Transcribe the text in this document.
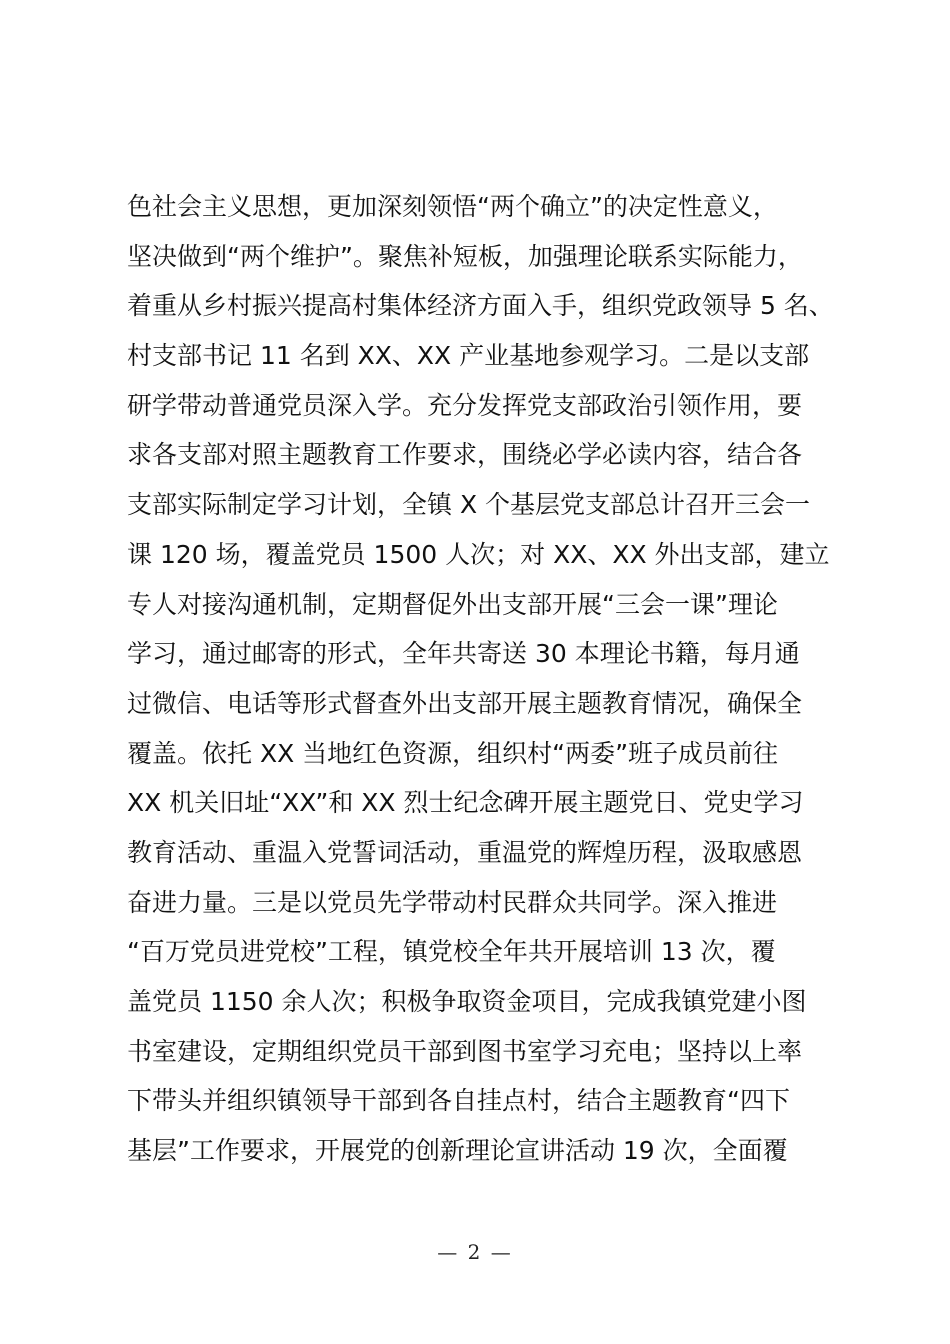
色社会主义思想，更加深刻领悟“两个确立”的决定性意义，
坚决做到“两个维护”。聚焦补短板，加强理论联系实际能力，
着重从乡村振兴提高村集体经济方面入手，组织党政领导 5 名、
村支部书记 11 名到 XX、XX 产业基地参观学习。二是以支部
研学带动普通党员深入学。充分发挥党支部政治引领作用，要
求各支部对照主题教育工作要求，围绕必学必读内容，结合各
支部实际制定学习计划，全镇 X 个基层党支部总计召开三会一
课 120 场，覆盖党员 1500 人次；对 XX、XX 外出支部，建立
专人对接沟通机制，定期督促外出支部开展“三会一课”理论
学习，通过邮寄的形式，全年共寄送 30 本理论书籍，每月通
过微信、电话等形式督查外出支部开展主题教育情况，确保全
覆盖。依托 XX 当地红色资源，组织村“两委”班子成员前往
XX 机关旧址“XX”和 XX 烈士纪念碑开展主题党日、党史学习
教育活动、重温入党誓词活动，重温党的辉煌历程，汲取感恩
奋进力量。三是以党员先学带动村民群众共同学。深入推进
“百万党员进党校”工程，镇党校全年共开展培训 13 次，覆
盖党员 1150 余人次；积极争取资金项目，完成我镇党建小图
书室建设，定期组织党员干部到图书室学习充电；坚持以上率
下带头并组织镇领导干部到各自挂点村，结合主题教育“四下
基层”工作要求，开展党的创新理论宣讲活动 19 次，全面覆
— 2 —
